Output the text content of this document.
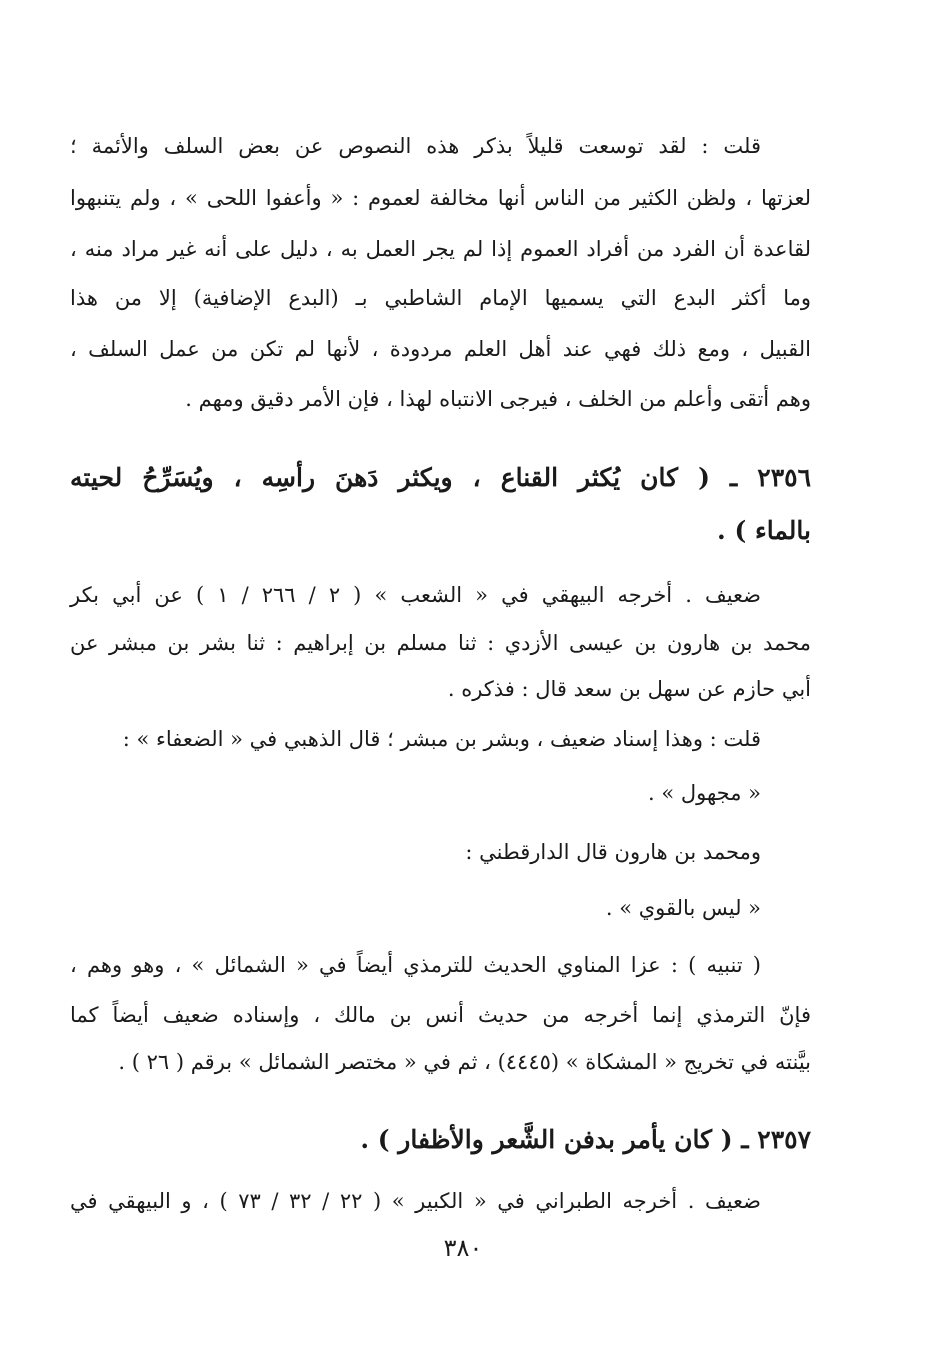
قلت : لقد توسعت قليلاً بذكر هذه النصوص عن بعض السلف والأئمة ؛
لعزتها ، ولظن الكثير من الناس أنها مخالفة لعموم : « وأعفوا اللحى » ، ولم يتنبهوا
لقاعدة أن الفرد من أفراد العموم إذا لم يجر العمل به ، دليل على أنه غير مراد منه ،
وما أكثر البدع التي يسميها الإمام الشاطبي بـ (البدع الإضافية) إلا من هذا
القبيل ، ومع ذلك فهي عند أهل العلم مردودة ، لأنها لم تكن من عمل السلف ،
وهم أتقى وأعلم من الخلف ، فيرجى الانتباه لهذا ، فإن الأمر دقيق ومهم .
٢٣٥٦ ـ ( كان يُكثر القناع ، ويكثر دَهنَ رأسِه ، ويُسَرِّحُ لحيته
بالماء ) .
ضعيف . أخرجه البيهقي في « الشعب » ( ٢ / ٢٦٦ / ١ ) عن أبي بكر
محمد بن هارون بن عيسى الأزدي : ثنا مسلم بن إبراهيم : ثنا بشر بن مبشر عن
أبي حازم عن سهل بن سعد قال : فذكره .
قلت : وهذا إسناد ضعيف ، وبشر بن مبشر ؛ قال الذهبي في « الضعفاء » :
« مجهول » .
ومحمد بن هارون قال الدارقطني :
« ليس بالقوي » .
( تنبيه ) : عزا المناوي الحديث للترمذي أيضاً في « الشمائل » ، وهو وهم ،
فإنّ الترمذي إنما أخرجه من حديث أنس بن مالك ، وإسناده ضعيف أيضاً كما
بيَّنته في تخريج « المشكاة » (٤٤٤٥) ، ثم في « مختصر الشمائل » برقم ( ٢٦ ) .
٢٣٥٧ ـ ( كان يأمر بدفن الشَّعر والأظفار ) .
ضعيف . أخرجه الطبراني في « الكبير » ( ٢٢ / ٣٢ / ٧٣ ) ، و البيهقي في
٣٨٠
